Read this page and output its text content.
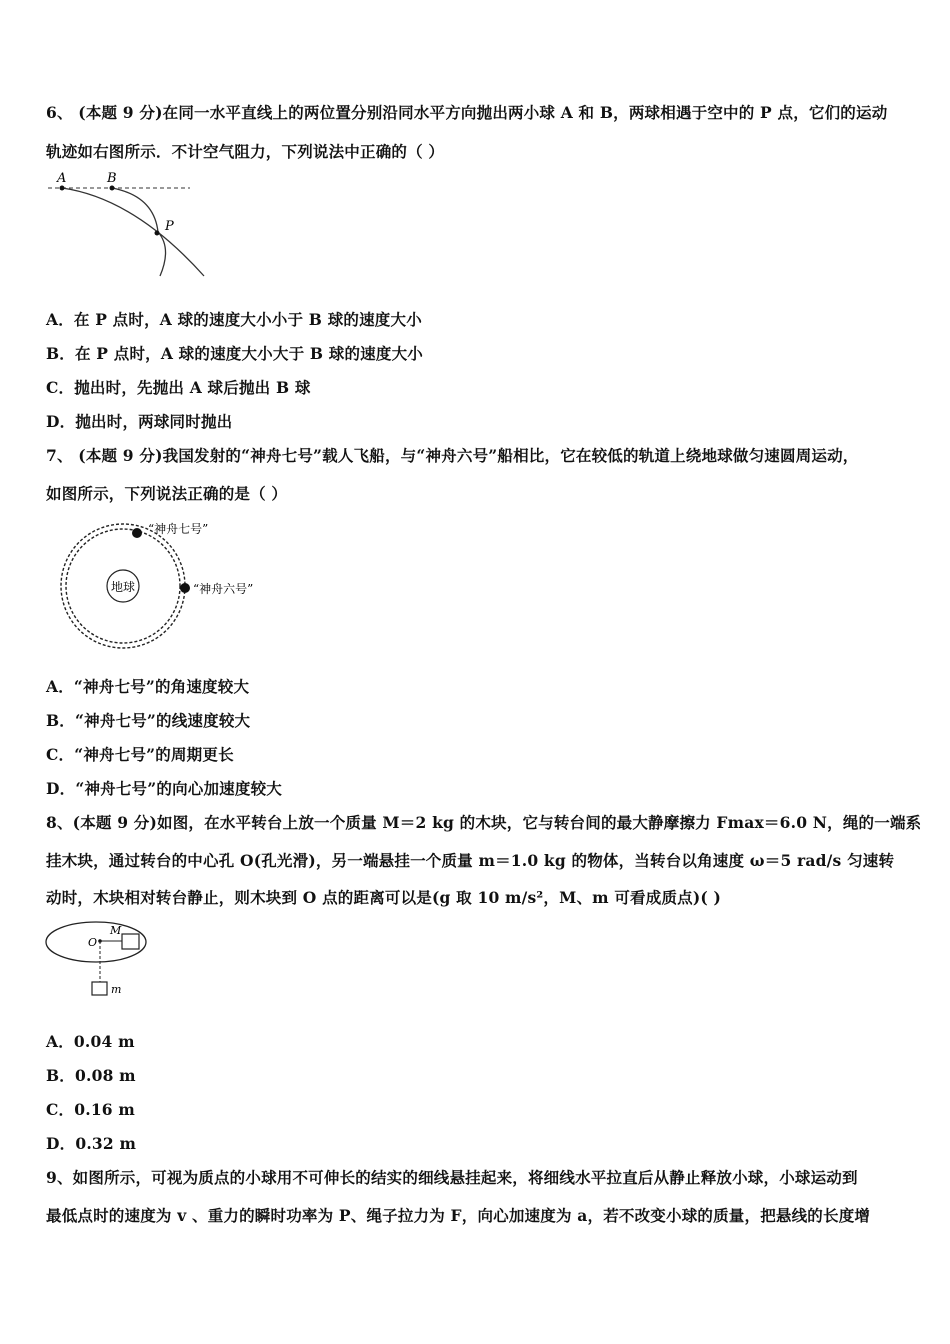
6、 (本题 9 分)在同一水平直线上的两位置分别沿同水平方向抛出两小球 A 和 B，两球相遇于空中的 P 点，它们的运动
轨迹如右图所示．不计空气阻力，下列说法中正确的（ ）
A	B
P
A．在 P 点时，A 球的速度大小小于 B 球的速度大小
B．在 P 点时，A 球的速度大小大于 B 球的速度大小
C．抛出时，先抛出 A 球后抛出 B 球
D．抛出时，两球同时抛出
7、 (本题 9 分)我国发射的“神舟七号”载人飞船，与“神舟六号”船相比，它在较低的轨道上绕地球做匀速圆周运动，
如图所示，下列说法正确的是（ ）
地球
“神舟七号”
“神舟六号”
A．“神舟七号”的角速度较大
B．“神舟七号”的线速度较大
C．“神舟七号”的周期更长
D．“神舟七号”的向心加速度较大
8、(本题 9 分)如图，在水平转台上放一个质量 M＝2 kg 的木块，它与转台间的最大静摩擦力 Fmax＝6.0 N，绳的一端系
挂木块，通过转台的中心孔 O(孔光滑)，另一端悬挂一个质量 m＝1.0 kg 的物体，当转台以角速度 ω＝5 rad/s 匀速转
动时，木块相对转台静止，则木块到 O 点的距离可以是(g 取 10 m/s²，M、m 可看成质点)( )
O
M
m
A．0.04 m
B．0.08 m
C．0.16 m
D．0.32 m
9、如图所示，可视为质点的小球用不可伸长的结实的细线悬挂起来，将细线水平拉直后从静止释放小球，小球运动到
最低点时的速度为 v 、重力的瞬时功率为 P、绳子拉力为 F，向心加速度为 a，若不改变小球的质量，把悬线的长度增
